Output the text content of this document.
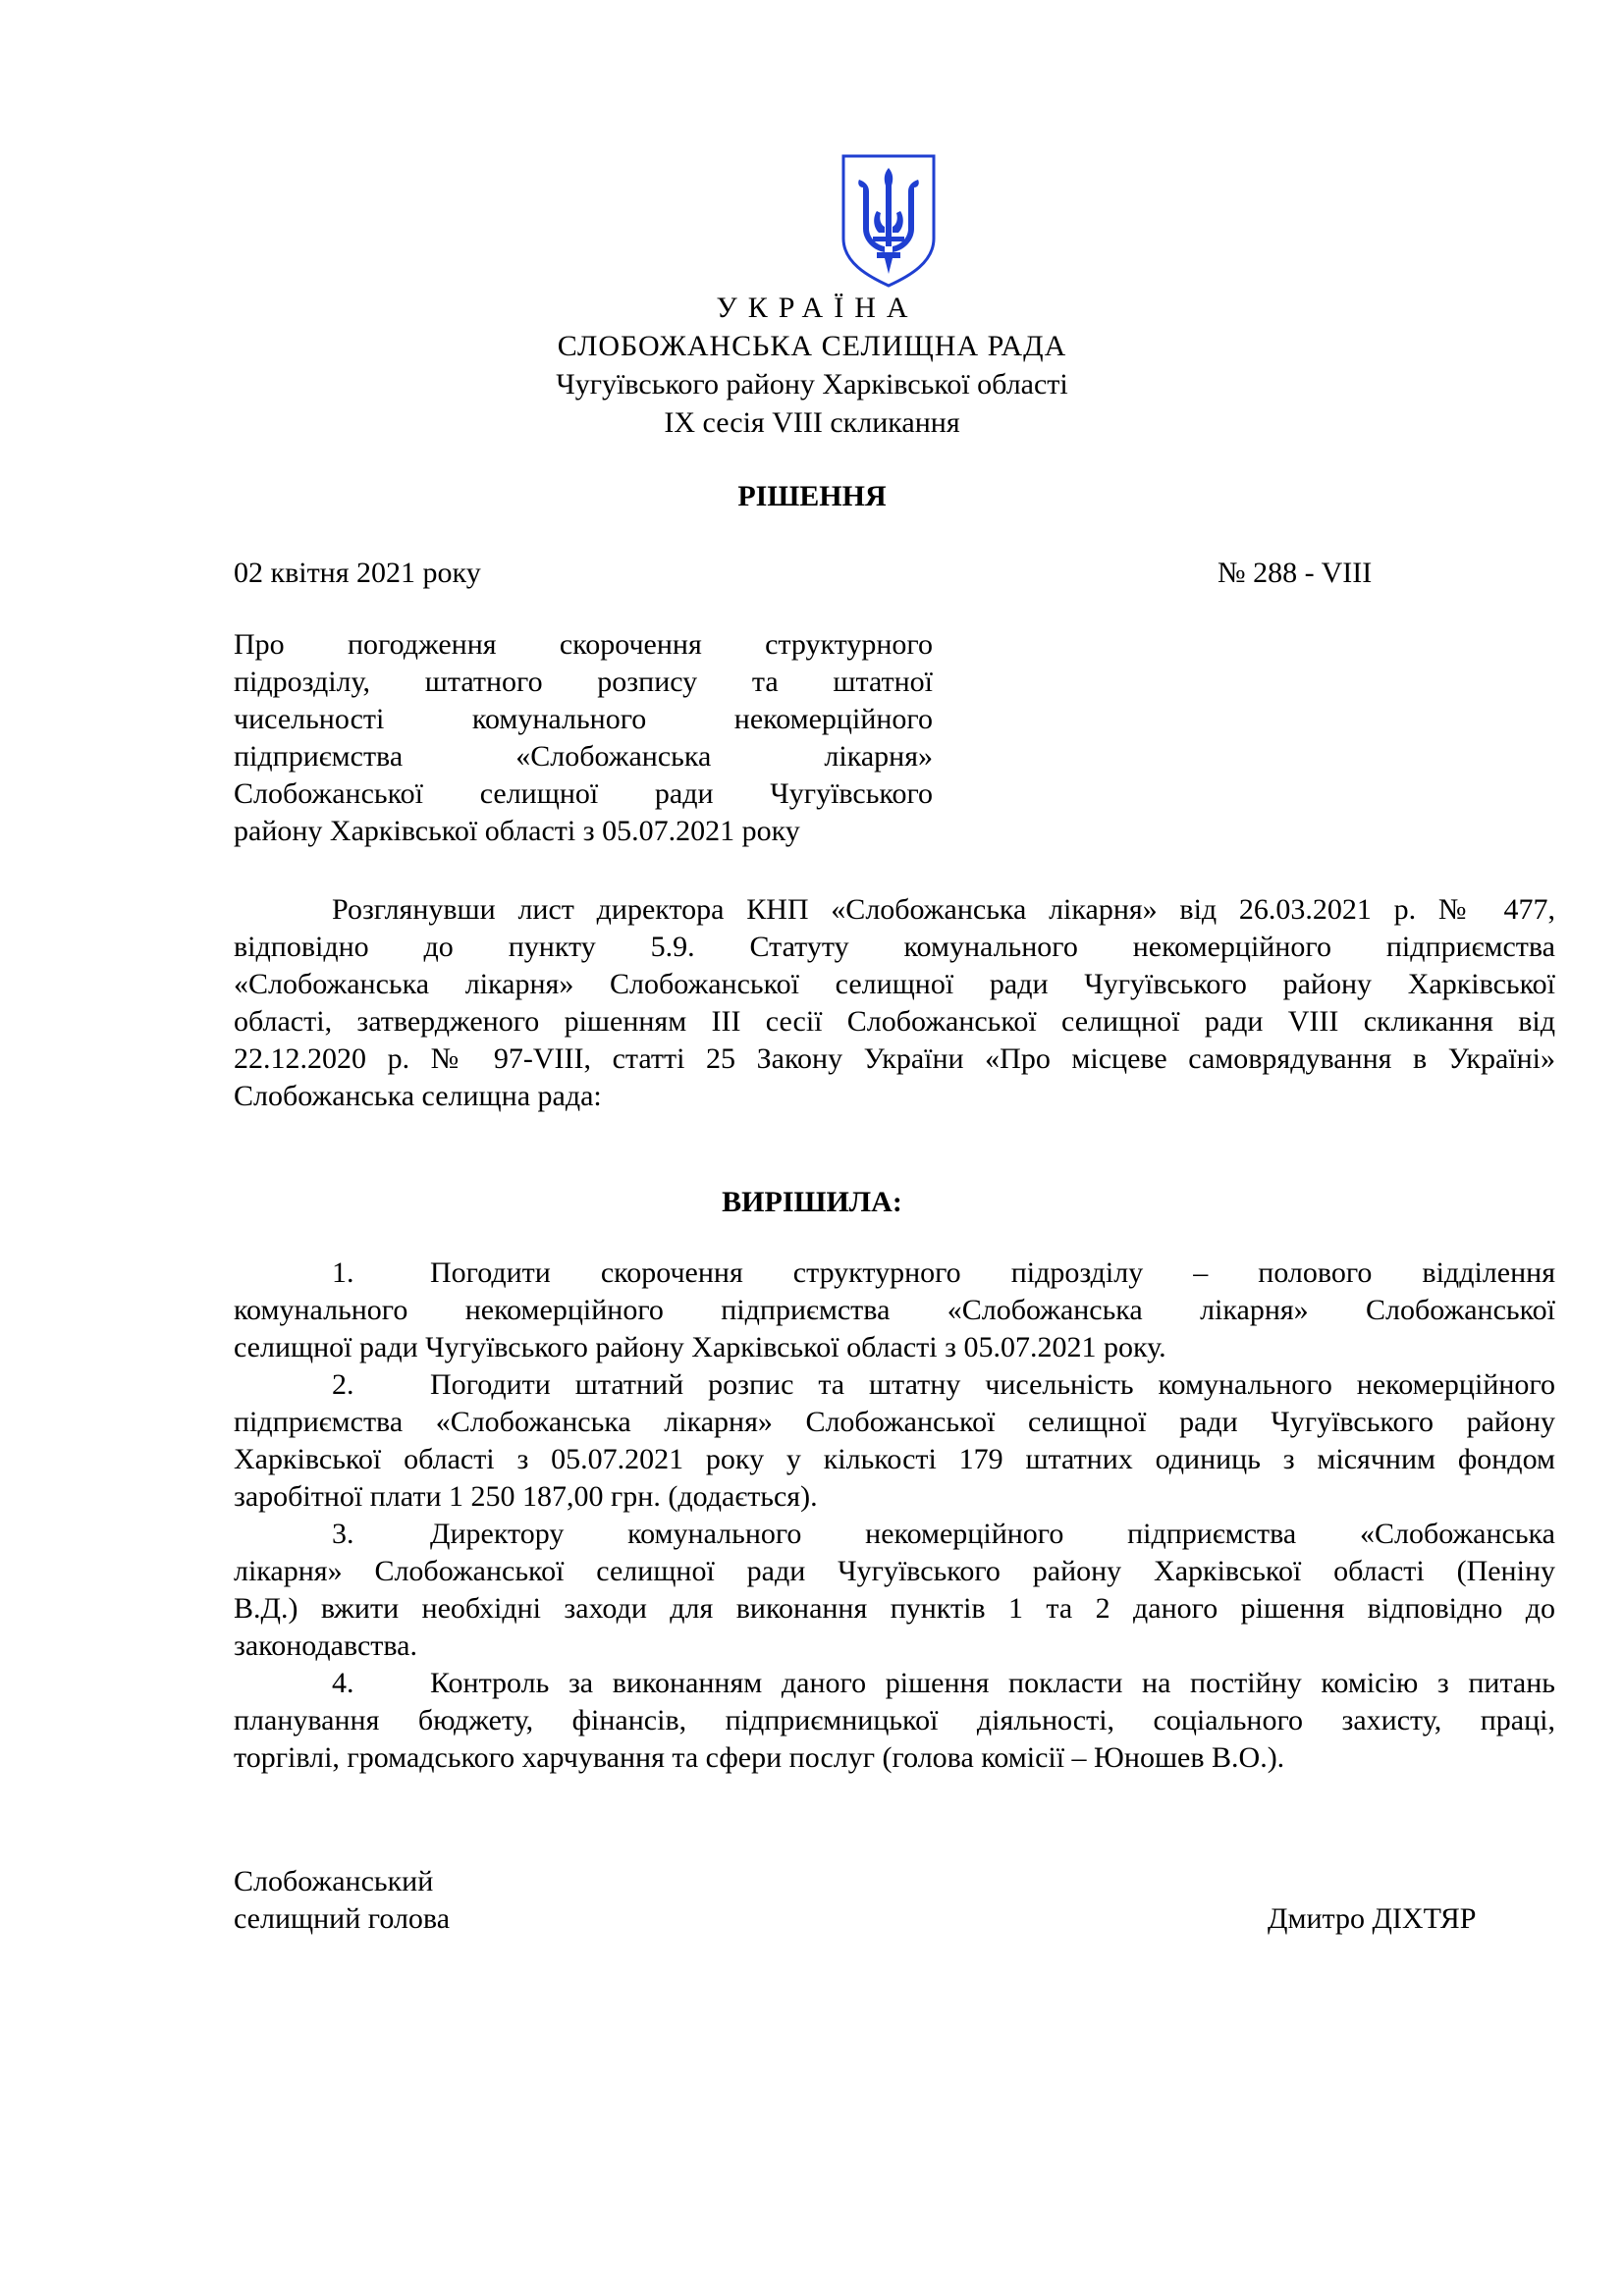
УКРАЇНА
СЛОБОЖАНСЬКА СЕЛИЩНА РАДА
Чугуївського району Харківської області
IX сесія VIII скликання
РІШЕННЯ
02 квітня 2021 року	№ 288 - VIII
Про погодження скорочення структурного
підрозділу, штатного розпису та штатної
чисельності комунального некомерційного
підприємства «Слобожанська лікарня»
Слобожанської селищної ради Чугуївського
району Харківської області з 05.07.2021 року
Розглянувши лист директора КНП «Слобожанська лікарня» від 26.03.2021 р. № 477,
відповідно до пункту 5.9. Статуту комунального некомерційного підприємства
«Слобожанська лікарня» Слобожанської селищної ради Чугуївського району Харківської
області, затвердженого рішенням III сесії Слобожанської селищної ради VIII скликання від
22.12.2020 р. № 97-VIII, статті 25 Закону України «Про місцеве самоврядування в Україні»
Слобожанська селищна рада:
ВИРІШИЛА:
1.	Погодити скорочення структурного підрозділу – полового відділення
комунального некомерційного підприємства «Слобожанська лікарня» Слобожанської
селищної ради Чугуївського району Харківської області з 05.07.2021 року.
2.	Погодити штатний розпис та штатну чисельність комунального некомерційного
підприємства «Слобожанська лікарня» Слобожанської селищної ради Чугуївського району
Харківської області з 05.07.2021 року у кількості 179 штатних одиниць з місячним фондом
заробітної плати 1 250 187,00 грн. (додається).
3.	Директору комунального некомерційного підприємства «Слобожанська
лікарня» Слобожанської селищної ради Чугуївського району Харківської області (Пеніну
В.Д.) вжити необхідні заходи для виконання пунктів 1 та 2 даного рішення відповідно до
законодавства.
4.	Контроль за виконанням даного рішення покласти на постійну комісію з питань
планування бюджету, фінансів, підприємницької діяльності, соціального захисту, праці,
торгівлі, громадського харчування та сфери послуг (голова комісії – Юношев В.О.).
Слобожанський
селищний голова	Дмитро ДІХТЯР
